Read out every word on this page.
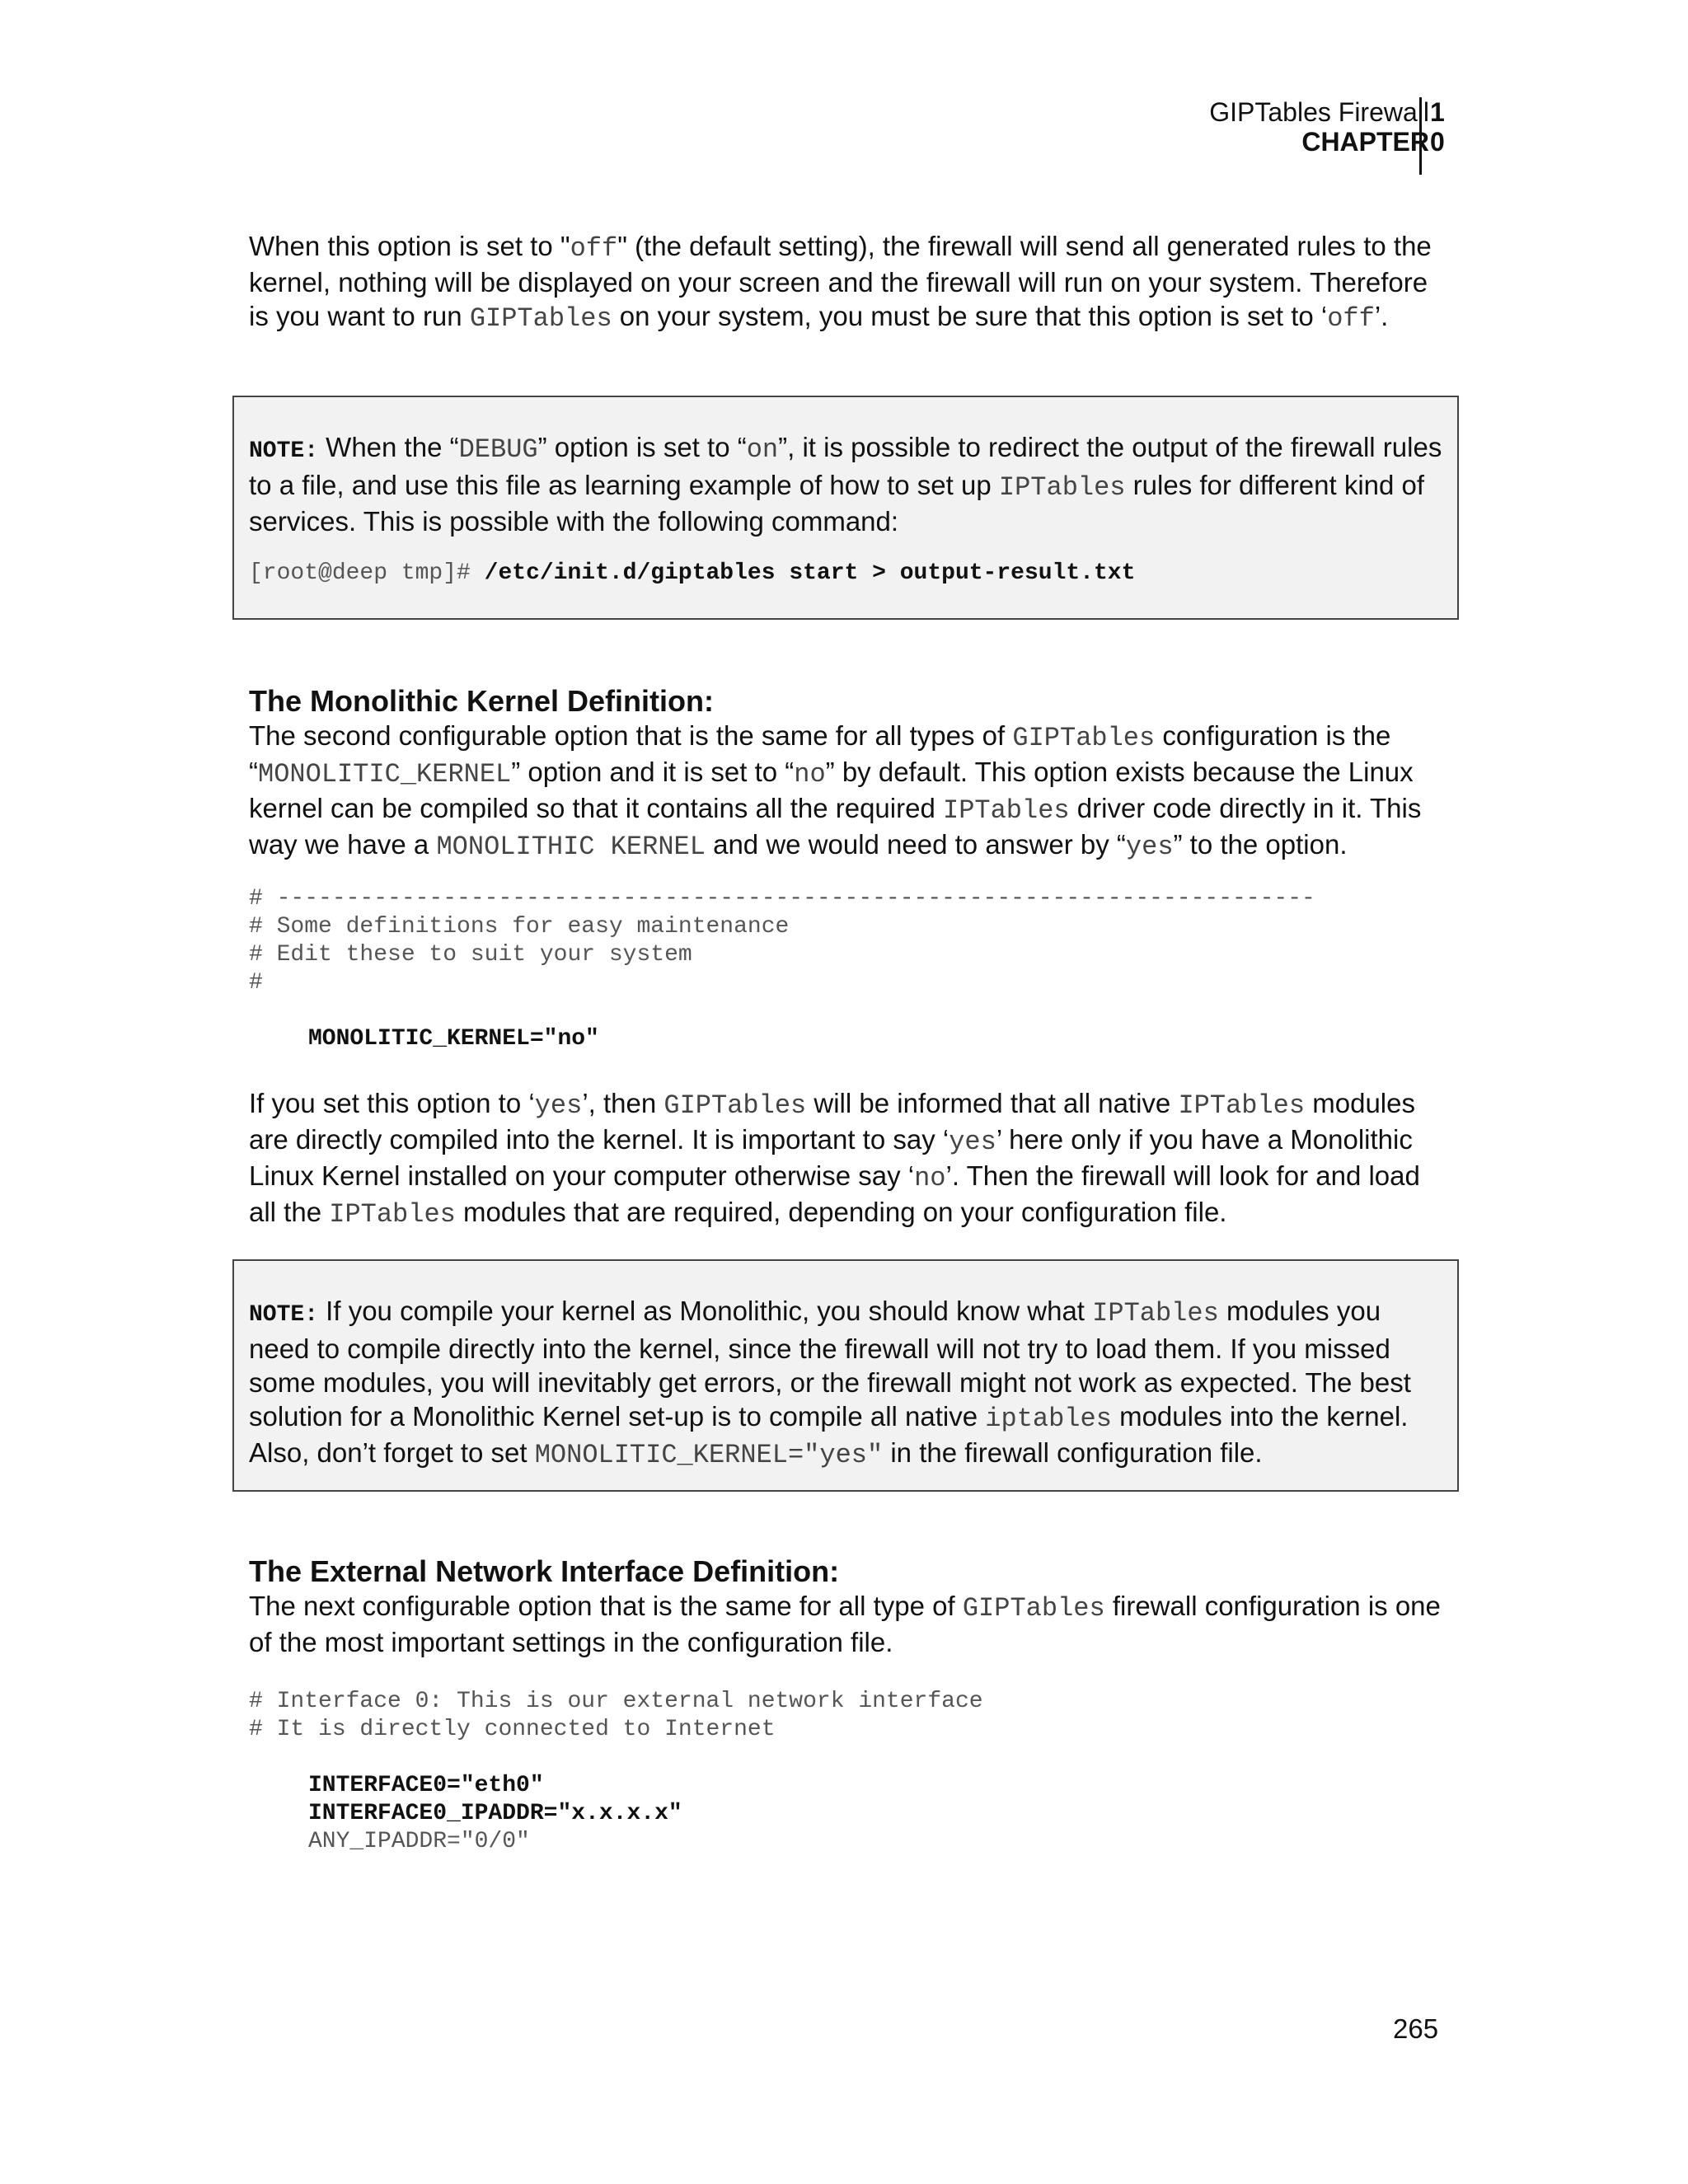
GIPTables Firewall
CHAPTER
1
0

When this option is set to "off" (the default setting), the firewall will send all generated rules to the kernel, nothing will be displayed on your screen and the firewall will run on your system. Therefore is you want to run GIPTables on your system, you must be sure that this option is set to ‘off’.

NOTE: When the “DEBUG” option is set to “on”, it is possible to redirect the output of the firewall rules to a file, and use this file as learning example of how to set up IPTables rules for different kind of services. This is possible with the following command:
[root@deep tmp]# /etc/init.d/giptables start > output-result.txt
The Monolithic Kernel Definition:

The second configurable option that is the same for all types of GIPTables configuration is the “MONOLITIC_KERNEL” option and it is set to “no” by default. This option exists because the Linux kernel can be compiled so that it contains all the required IPTables driver code directly in it. This way we have a MONOLITHIC KERNEL and we would need to answer by “yes” to the option.

# ---------------------------------------------------------------------------
# Some definitions for easy maintenance
# Edit these to suit your system
#
MONOLITIC_KERNEL="no"

If you set this option to ‘yes’, then GIPTables will be informed that all native IPTables modules are directly compiled into the kernel. It is important to say ‘yes’ here only if you have a Monolithic Linux Kernel installed on your computer otherwise say ‘no’. Then the firewall will look for and load all the IPTables modules that are required, depending on your configuration file.

NOTE: If you compile your kernel as Monolithic, you should know what IPTables modules you need to compile directly into the kernel, since the firewall will not try to load them. If you missed some modules, you will inevitably get errors, or the firewall might not work as expected. The best solution for a Monolithic Kernel set-up is to compile all native iptables modules into the kernel. Also, don’t forget to set MONOLITIC_KERNEL="yes" in the firewall configuration file.
The External Network Interface Definition:

The next configurable option that is the same for all type of GIPTables firewall configuration is one of the most important settings in the configuration file.

# Interface 0: This is our external network interface
# It is directly connected to Internet
INTERFACE0="eth0"
INTERFACE0_IPADDR="x.x.x.x"
ANY_IPADDR="0/0"
265
